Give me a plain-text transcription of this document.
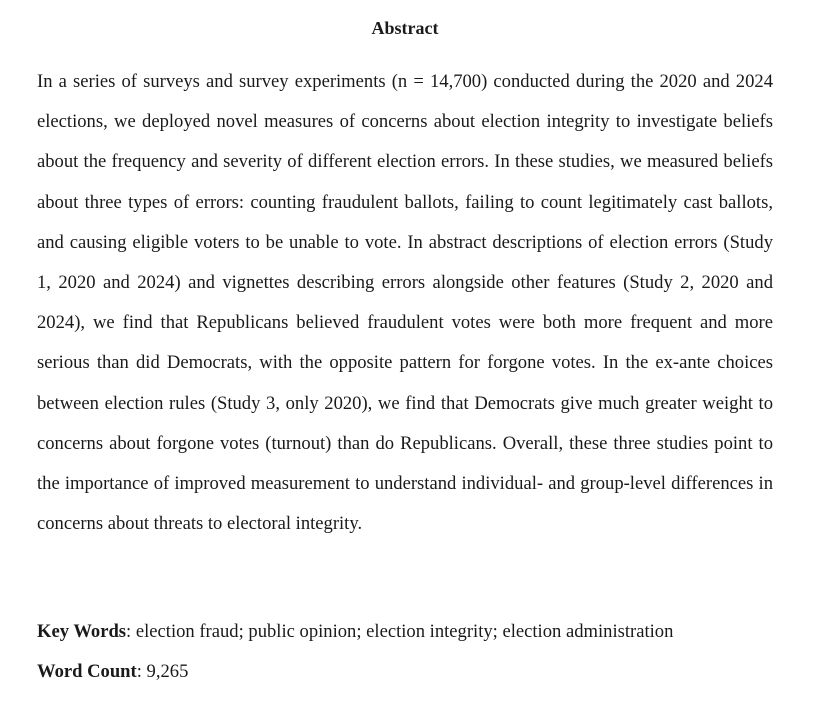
Abstract
In a series of surveys and survey experiments (n = 14,700) conducted during the 2020 and 2024 elections, we deployed novel measures of concerns about election integrity to investigate beliefs about the frequency and severity of different election errors. In these studies, we measured beliefs about three types of errors: counting fraudulent ballots, failing to count legitimately cast ballots, and causing eligible voters to be unable to vote. In abstract descriptions of election errors (Study 1, 2020 and 2024) and vignettes describing errors alongside other features (Study 2, 2020 and 2024), we find that Republicans believed fraudulent votes were both more frequent and more serious than did Democrats, with the opposite pattern for forgone votes. In the ex-ante choices between election rules (Study 3, only 2020), we find that Democrats give much greater weight to concerns about forgone votes (turnout) than do Republicans. Overall, these three studies point to the importance of improved measurement to understand individual- and group-level differences in concerns about threats to electoral integrity.
Key Words: election fraud; public opinion; election integrity; election administration
Word Count: 9,265
